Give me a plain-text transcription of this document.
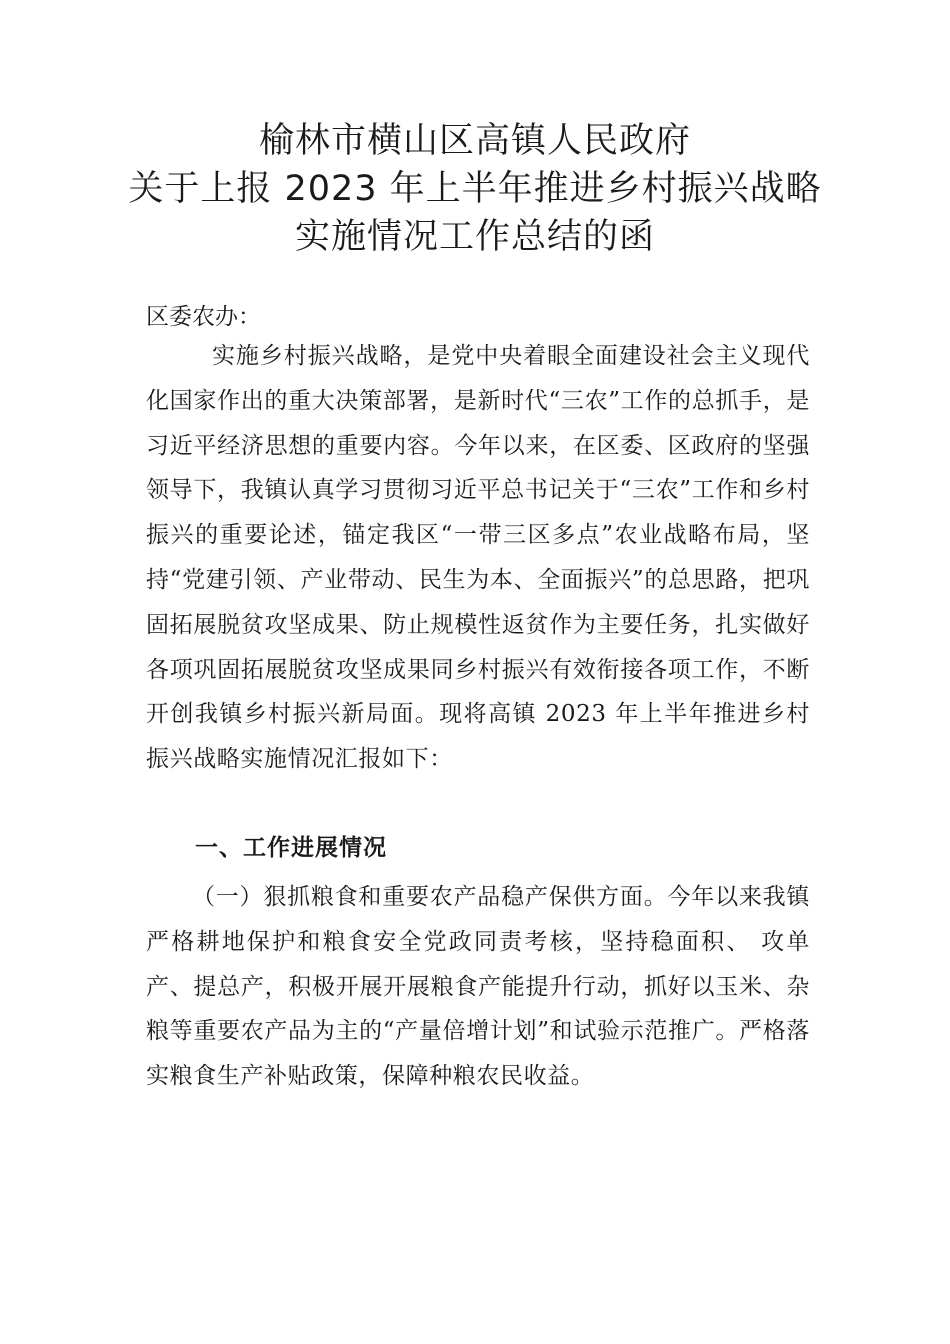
榆林市横山区高镇人民政府
关于上报 2023 年上半年推进乡村振兴战略
实施情况工作总结的函

区委农办：

实施乡村振兴战略，是党中央着眼全面建设社会主义现代化国家作出的重大决策部署，是新时代“三农”工作的总抓手，是习近平经济思想的重要内容。今年以来，在区委、区政府的坚强领导下，我镇认真学习贯彻习近平总书记关于“三农”工作和乡村振兴的重要论述，锚定我区“一带三区多点”农业战略布局，坚持“党建引领、产业带动、民生为本、全面振兴”的总思路，把巩固拓展脱贫攻坚成果、防止规模性返贫作为主要任务，扎实做好各项巩固拓展脱贫攻坚成果同乡村振兴有效衔接各项工作，不断开创我镇乡村振兴新局面。现将高镇 2023 年上半年推进乡村振兴战略实施情况汇报如下：

一、工作进展情况

（一）狠抓粮食和重要农产品稳产保供方面。今年以来我镇严格耕地保护和粮食安全党政同责考核，坚持稳面积、 攻单产、提总产，积极开展开展粮食产能提升行动，抓好以玉米、杂粮等重要农产品为主的“产量倍增计划”和试验示范推广。严格落实粮食生产补贴政策，保障种粮农民收益。
